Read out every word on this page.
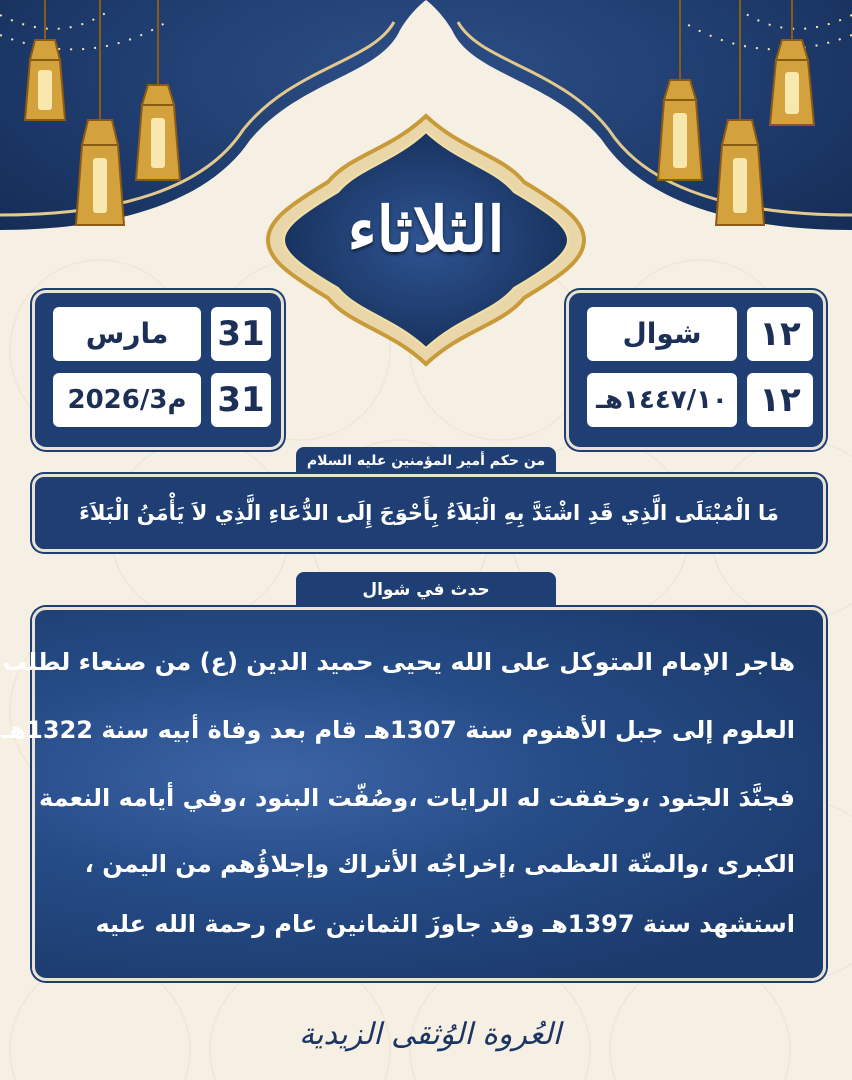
الثلاثاء
١٢
شوال
١٢
١٤٤٧/١٠هـ
31
مارس
31
2026/3م
من حكم أمير المؤمنين عليه السلام
مَا الْمُبْتَلَى الَّذِي قَدِ اشْتَدَّ بِهِ الْبَلاَءُ بِأَحْوَجَ إِلَى الدُّعَاءِ الَّذِي لاَ يَأْمَنُ الْبَلاَءَ
حدث في شوال
هاجر الإمام المتوكل على الله يحيى حميد الدين (ع) من صنعاء لطلب
العلوم إلى جبل الأهنوم سنة 1307هـ قام بعد وفاة أبيه سنة 1322هـ
فجنَّدَ الجنود ،وخفقت له الرايات ،وصُفّت البنود ،وفي أيامه النعمة
الكبرى ،والمنّة العظمى ،إخراجُه الأتراك وإجلاؤُهم من اليمن ،
استشهد سنة 1397هـ وقد جاوزَ الثمانين عام رحمة الله عليه
العُروة الوُثقى الزيدية
